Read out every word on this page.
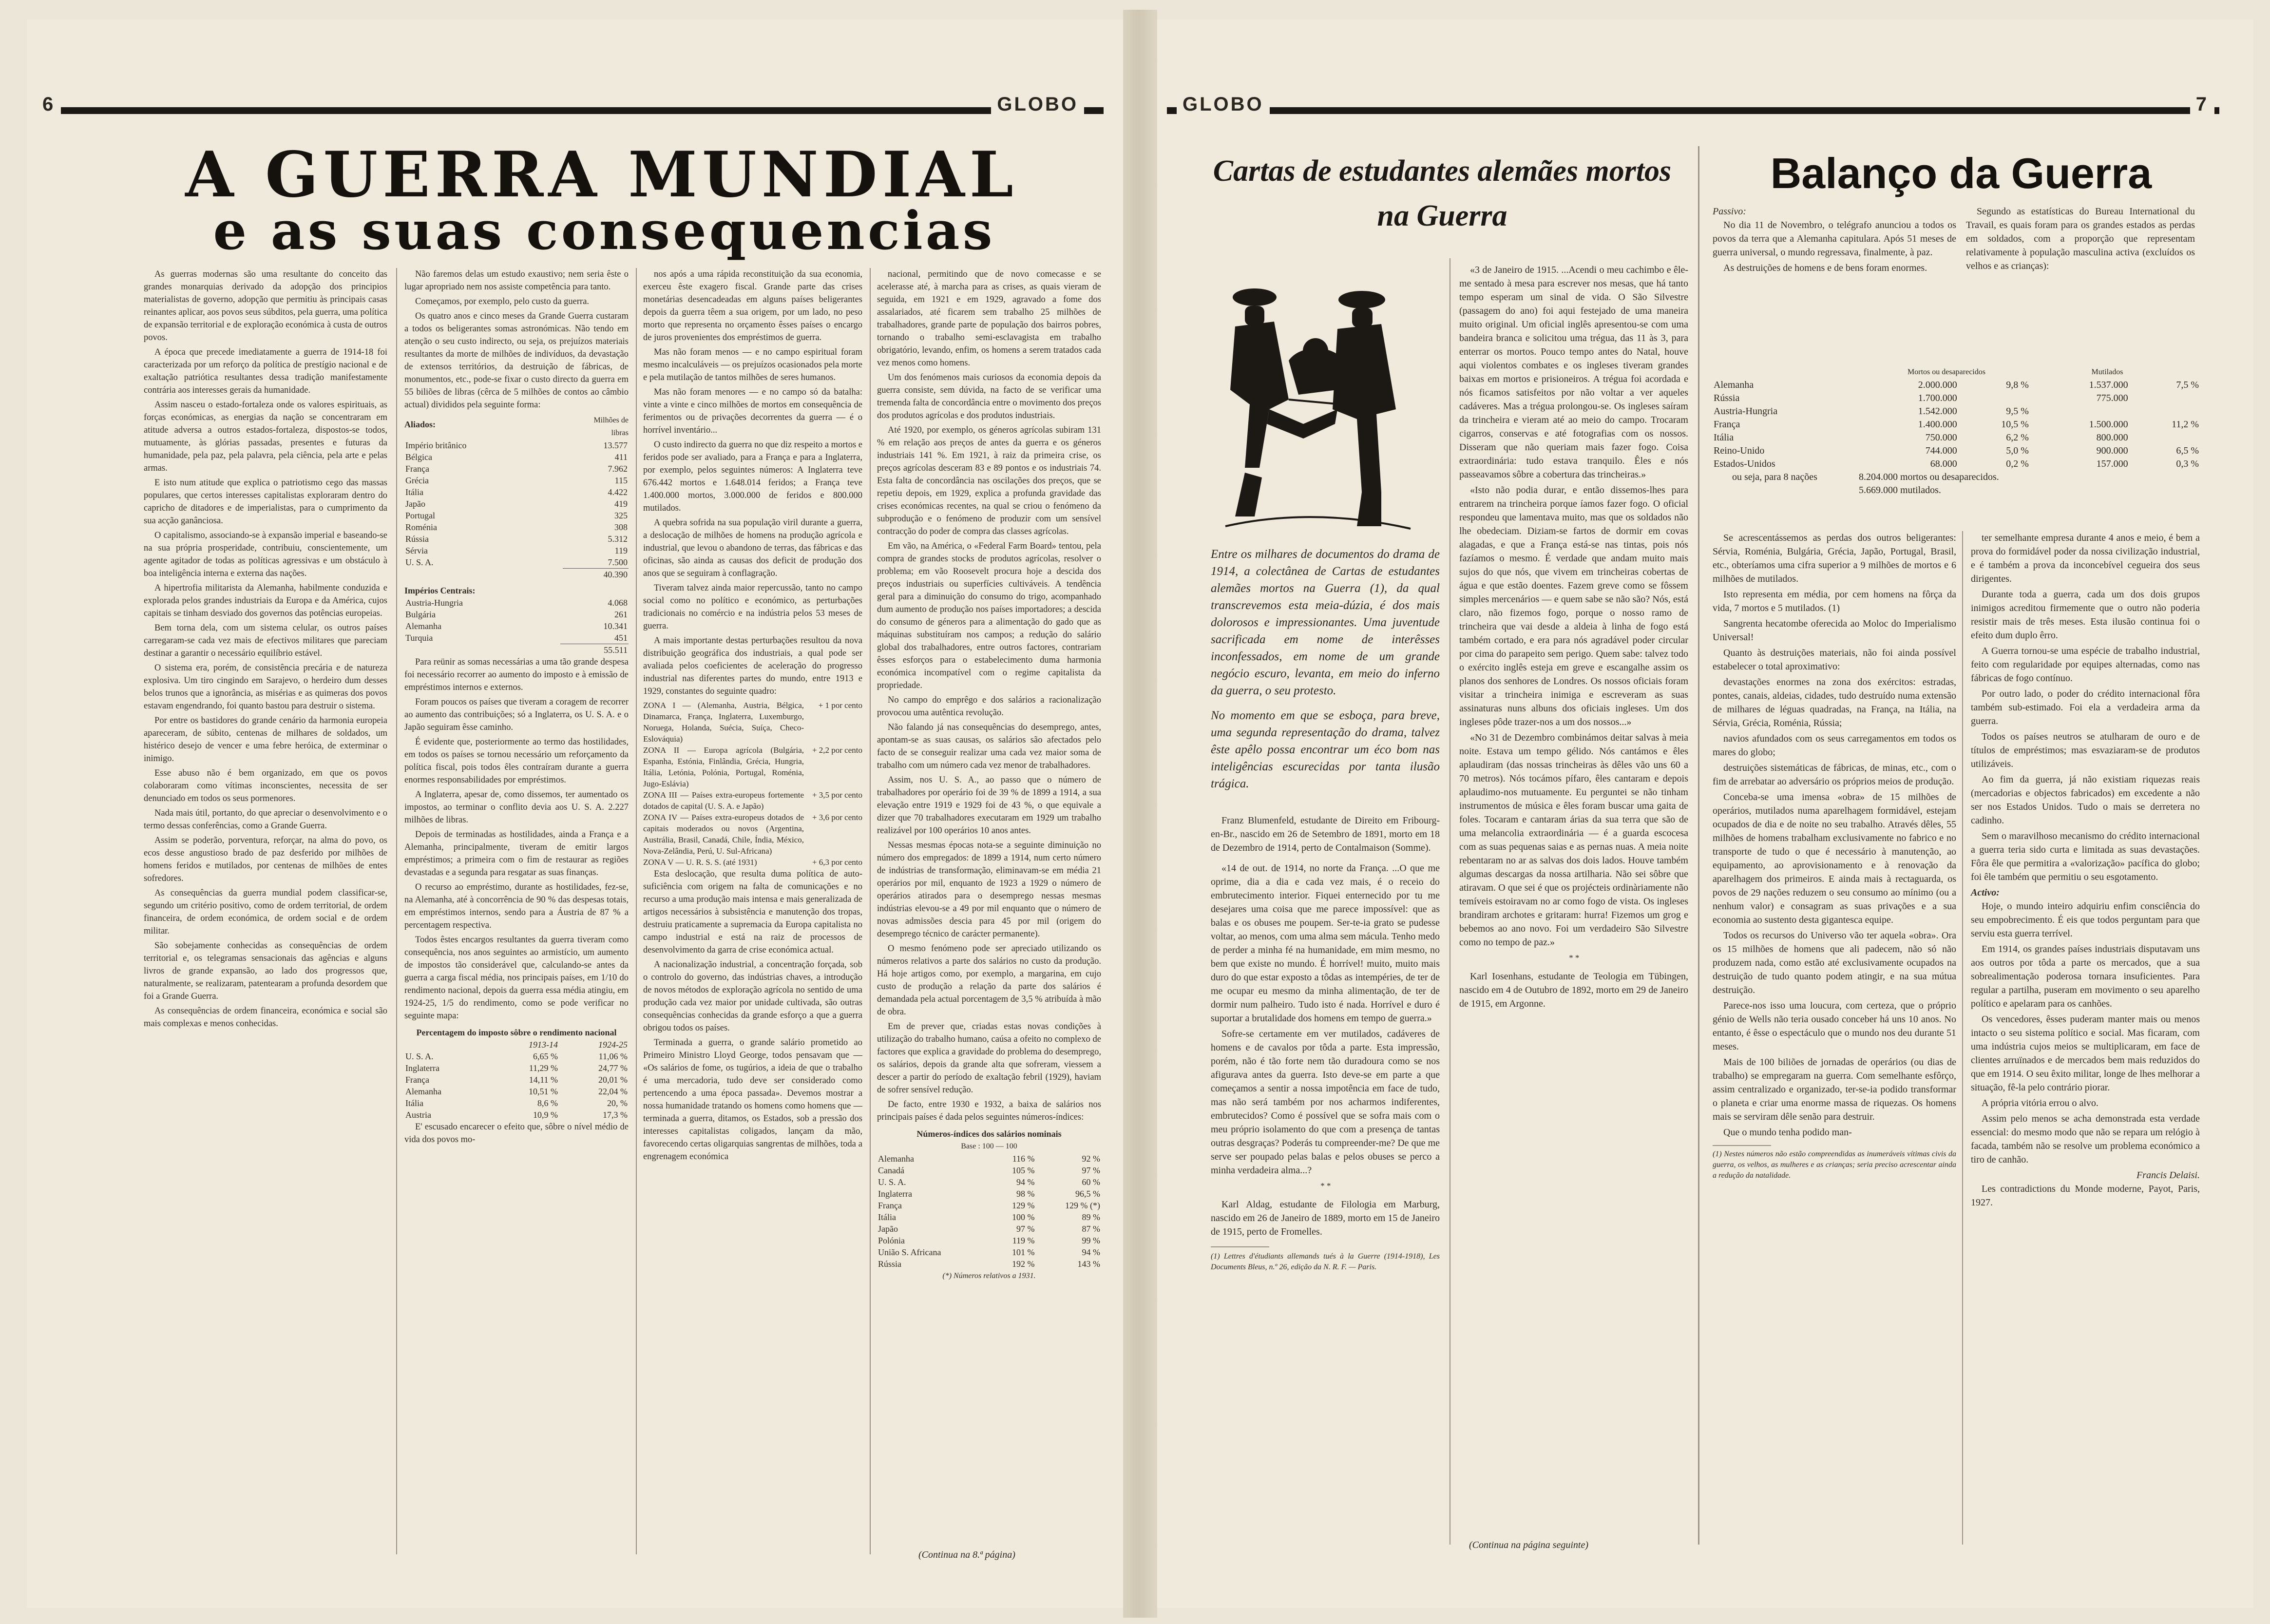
6	GLOBO
A GUERRA MUNDIAL
e as suas consequencias

As guerras modernas são uma resultante do conceito das grandes monarquias derivado da adopção dos principios materialistas de governo, adopção que permitiu às principais casas reinantes aplicar, aos povos seus súbditos, pela guerra, uma política de expansão territorial e de exploração económica à custa de outros povos.

A época que precede imediatamente a guerra de 1914-18 foi caracterizada por um reforço da política de prestígio nacional e de exaltação patriótica resultantes dessa tradição manifestamente contrária aos interesses gerais da humanidade.

Assim nasceu o estado-fortaleza onde os valores espirituais, as forças económicas, as energias da nação se concentraram em atitude adversa a outros estados-fortaleza, dispostos-se todos, mutuamente, às glórias passadas, presentes e futuras da humanidade, pela paz, pela palavra, pela ciência, pela arte e pelas armas.

E isto num atitude que explica o patriotismo cego das massas populares, que certos interesses capitalistas exploraram dentro do capricho de ditadores e de imperialistas, para o cumprimento da sua acção ganânciosa.

O capitalismo, associando-se à expansão imperial e baseando-se na sua própria prosperidade, contribuiu, conscientemente, um agente agitador de todas as políticas agressivas e um obstáculo à boa inteligência interna e externa das nações.

A hipertrofia militarista da Alemanha, habilmente conduzida e explorada pelos grandes industriais da Europa e da América, cujos capitais se tinham desviado dos governos das potências europeias.

Bem torna dela, com um sistema celular, os outros países carregaram-se cada vez mais de efectivos militares que pareciam destinar a garantir o necessário equilíbrio estável.

O sistema era, porém, de consistência precária e de natureza explosiva. Um tiro cingindo em Sarajevo, o herdeiro dum desses belos trunos que a ignorância, as misérias e as quimeras dos povos estavam engendrando, foi quanto bastou para destruir o sistema.

Por entre os bastidores do grande cenário da harmonia europeia apareceram, de súbito, centenas de milhares de soldados, um histérico desejo de vencer e uma febre heróica, de exterminar o inimigo.

Esse abuso não é bem organizado, em que os povos colaboraram como vítimas inconscientes, necessita de ser denunciado em todos os seus pormenores.

Nada mais útil, portanto, do que apreciar o desenvolvimento e o termo dessas conferências, como a Grande Guerra.

Assim se poderão, porventura, reforçar, na alma do povo, os ecos desse angustioso brado de paz desferido por milhões de homens feridos e mutilados, por centenas de milhões de entes sofredores.

As consequências da guerra mundial podem classificar-se, segundo um critério positivo, como de ordem territorial, de ordem financeira, de ordem económica, de ordem social e de ordem militar.

São sobejamente conhecidas as consequências de ordem territorial e, os telegramas sensacionais das agências e alguns livros de grande expansão, ao lado dos progressos que, naturalmente, se realizaram, patentearam a profunda desordem que foi a Grande Guerra.

As consequências de ordem financeira, económica e social são mais complexas e menos conhecidas.

Não faremos delas um estudo exaustivo; nem seria êste o lugar apropriado nem nos assiste competência para tanto.

Começamos, por exemplo, pelo custo da guerra.

Os quatro anos e cinco meses da Grande Guerra custaram a todos os beligerantes somas astronómicas. Não tendo em atenção o seu custo indirecto, ou seja, os prejuízos materiais resultantes da morte de milhões de indivíduos, da devastação de extensos territórios, da destruição de fábricas, de monumentos, etc., pode-se fixar o custo directo da guerra em 55 biliões de libras (cêrca de 5 milhões de contos ao câmbio actual) divididos pela seguinte forma:

Aliados:	Milhões de libras
Império britânico	13.577
Bélgica	411
França	7.962
Grécia	115
Itália	4.422
Japão	419
Portugal	325
Roménia	308
Rússia	5.312
Sérvia	119
U. S. A.	7.500
	40.390
Impérios Centrais:
Austria-Hungria	4.068
Bulgária	261
Alemanha	10.341
Turquia	451
	55.511

Para reünir as somas necessárias a uma tão grande despesa foi necessário recorrer ao aumento do imposto e à emissão de empréstimos internos e externos.

Foram poucos os países que tiveram a coragem de recorrer ao aumento das contribuições; só a Inglaterra, os U. S. A. e o Japão seguiram êsse caminho.

É evidente que, posteriormente ao termo das hostilidades, em todos os países se tornou necessário um reforçamento da política fiscal, pois todos êles contraíram durante a guerra enormes responsabilidades por empréstimos.

A Inglaterra, apesar de, como dissemos, ter aumentado os impostos, ao terminar o conflito devia aos U. S. A. 2.227 milhões de libras.

Depois de terminadas as hostilidades, ainda a França e a Alemanha, principalmente, tiveram de emitir largos empréstimos; a primeira com o fim de restaurar as regiões devastadas e a segunda para resgatar as suas finanças.

O recurso ao empréstimo, durante as hostilidades, fez-se, na Alemanha, até à concorrência de 90 % das despesas totais, em empréstimos internos, sendo para a Áustria de 87 % a percentagem respectiva.

Todos êstes encargos resultantes da guerra tiveram como consequência, nos anos seguintes ao armistício, um aumento de impostos tão considerável que, calculando-se antes da guerra a carga fiscal média, nos principais países, em 1/10 do rendimento nacional, depois da guerra essa média atingiu, em 1924-25, 1/5 do rendimento, como se pode verificar no seguinte mapa:

Percentagem do imposto sôbre o rendimento nacional
	1913-14	1924-25
U. S. A.	6,65 %	11,06 %
Inglaterra	11,29 %	24,77 %
França	14,11 %	20,01 %
Alemanha	10,51 %	22,04 %
Itália	8,6 %	20, %
Austria	10,9 %	17,3 %

E' escusado encarecer o efeito que, sôbre o nível médio de vida dos povos mo-

nos após a uma rápida reconstituição da sua economia, exerceu êste exagero fiscal. Grande parte das crises monetárias desencadeadas em alguns países beligerantes depois da guerra têem a sua origem, por um lado, no peso morto que representa no orçamento êsses países o encargo de juros provenientes dos empréstimos de guerra.

Mas não foram menos — e no campo espiritual foram mesmo incalculáveis — os prejuízos ocasionados pela morte e pela mutilação de tantos milhões de seres humanos.

Mas não foram menores — e no campo só da batalha: vinte a vinte e cinco milhões de mortos em consequência de ferimentos ou de privações decorrentes da guerra — é o horrível inventário...

O custo indirecto da guerra no que diz respeito a mortos e feridos pode ser avaliado, para a França e para a Inglaterra, por exemplo, pelos seguintes números: A Inglaterra teve 676.442 mortos e 1.648.014 feridos; a França teve 1.400.000 mortos, 3.000.000 de feridos e 800.000 mutilados.

A quebra sofrida na sua população viril durante a guerra, a deslocação de milhões de homens na produção agrícola e industrial, que levou o abandono de terras, das fábricas e das oficinas, são ainda as causas dos deficit de produção dos anos que se seguiram à conflagração.

Tiveram talvez ainda maior repercussão, tanto no campo social como no político e económico, as perturbações tradicionais no comércio e na indústria pelos 53 meses de guerra.

A mais importante destas perturbações resultou da nova distribuição geográfica dos industriais, a qual pode ser avaliada pelos coeficientes de aceleração do progresso industrial nas diferentes partes do mundo, entre 1913 e 1929, constantes do seguinte quadro:

ZONA I — (Alemanha, Austria, Bélgica, Dinamarca, França, Inglaterra, Luxemburgo, Noruega, Holanda, Suécia, Suíça, Checo-Eslováquia)
+ 1 por cento
ZONA II — Europa agrícola (Bulgária, Espanha, Estónia, Finlândia, Grécia, Hungria, Itália, Letónia, Polónia, Portugal, Roménia, Jugo-Eslávia)
+ 2,2 por cento
ZONA III — Países extra-europeus fortemente dotados de capital (U. S. A. e Japão)
+ 3,5 por cento
ZONA IV — Países extra-europeus dotados de capitais moderados ou novos (Argentina, Austrália, Brasil, Canadá, Chile, Índia, México, Nova-Zelândia, Perú, U. Sul-Africana)
+ 3,6 por cento
ZONA V — U. R. S. S. (até 1931)	+ 6,3 por cento

Esta deslocação, que resulta duma política de auto-suficiência com origem na falta de comunicações e no recurso a uma produção mais intensa e mais generalizada de artigos necessários à subsistência e manutenção dos tropas, destruiu praticamente a supremacia da Europa capitalista no campo industrial e está na raiz de processos de desenvolvimento da garra de crise económica actual.

A nacionalização industrial, a concentração forçada, sob o controlo do governo, das indústrias chaves, a introdução de novos métodos de exploração agrícola no sentido de uma produção cada vez maior por unidade cultivada, são outras consequências conhecidas da grande esforço a que a guerra obrigou todos os países.

Terminada a guerra, o grande salário prometido ao Primeiro Ministro Lloyd George, todos pensavam que — «Os salários de fome, os tugúrios, a ideia de que o trabalho é uma mercadoria, tudo deve ser considerado como pertencendo a uma época passada». Devemos mostrar a nossa humanidade tratando os homens como homens que — terminada a guerra, ditamos, os Estados, sob a pressão dos interesses capitalistas coligados, lançam da mão, favorecendo certas oligarquias sangrentas de milhões, toda a engrenagem económica

nacional, permitindo que de novo comecasse e se acelerasse até, à marcha para as crises, as quais vieram de seguida, em 1921 e em 1929, agravado a fome dos assalariados, até ficarem sem trabalho 25 milhões de trabalhadores, grande parte de população dos bairros pobres, tornando o trabalho semi-esclavagista em trabalho obrigatório, levando, enfim, os homens a serem tratados cada vez menos como homens.

Um dos fenómenos mais curiosos da economia depois da guerra consiste, sem dúvida, na facto de se verificar uma tremenda falta de concordância entre o movimento dos preços dos produtos agrícolas e dos produtos industriais.

Até 1920, por exemplo, os géneros agrícolas subiram 131 % em relação aos preços de antes da guerra e os géneros industriais 141 %. Em 1921, à raiz da primeira crise, os preços agrícolas desceram 83 e 89 pontos e os industriais 74. Esta falta de concordância nas oscilações dos preços, que se repetiu depois, em 1929, explica a profunda gravidade das crises económicas recentes, na qual se criou o fenómeno da subprodução e o fenómeno de produzir com um sensível contracção do poder de compra das classes agrícolas.

Em vão, na América, o «Federal Farm Board» tentou, pela compra de grandes stocks de produtos agrícolas, resolver o problema; em vão Roosevelt procura hoje a descida dos preços industriais ou superfícies cultiváveis. A tendência geral para a diminuição do consumo do trigo, acompanhado dum aumento de produção nos países importadores; a descida do consumo de géneros para a alimentação do gado que as máquinas substituíram nos campos; a redução do salário global dos trabalhadores, entre outros factores, contrariam êsses esforços para o estabelecimento duma harmonia económica incompatível com o regime capitalista da propriedade.

No campo do emprêgo e dos salários a racionalização provocou uma autêntica revolução.

Não falando já nas consequências do desemprego, antes, apontam-se as suas causas, os salários são afectados pelo facto de se conseguir realizar uma cada vez maior soma de trabalho com um número cada vez menor de trabalhadores.

Assim, nos U. S. A., ao passo que o número de trabalhadores por operário foi de 39 % de 1899 a 1914, a sua elevação entre 1919 e 1929 foi de 43 %, o que equivale a dizer que 70 trabalhadores executaram em 1929 um trabalho realizável por 100 operários 10 anos antes.

Nessas mesmas épocas nota-se a seguinte diminuição no número dos empregados: de 1899 a 1914, num certo número de indústrias de transformação, eliminavam-se em média 21 operários por mil, enquanto de 1923 a 1929 o número de operários atirados para o desemprego nessas mesmas indústrias elevou-se a 49 por mil enquanto que o número de novas admissões descia para 45 por mil (origem do desemprego técnico de carácter permanente).

O mesmo fenómeno pode ser apreciado utilizando os números relativos a parte dos salários no custo da produção. Há hoje artigos como, por exemplo, a margarina, em cujo custo de produção a relação da parte dos salários é demandada pela actual porcentagem de 3,5 % atribuída à mão de obra.

Em de prever que, criadas estas novas condições à utilização do trabalho humano, caúsa a ofeito no complexo de factores que explica a gravidade do problema do desemprego, os salários, depois da grande alta que sofreram, viessem a descer a partir do período de exaltação febril (1929), haviam de sofrer sensível redução.

De facto, entre 1930 e 1932, a baixa de salários nos principais países é dada pelos seguintes números-índices:

Números-índices dos salários nominais
Base : 100 — 100
Alemanha	116 %	92 %
Canadá	105 %	97 %
U. S. A.	94 %	60 %
Inglaterra	98 %	96,5 %
França	129 %	129 % (*)
Itália	100 %	89 %
Japão	97 %	87 %
Polónia	119 %	99 %
União S. Africana	101 %	94 %
Rússia	192 %	143 %
(*) Números relativos a 1931.
(Continua na 8.ª página)
GLOBO	7
Cartas de estudantes alemães mortos na Guerra

Entre os milhares de documentos do drama de 1914, a colectânea de Cartas de estudantes alemães mortos na Guerra (1), da qual transcrevemos esta meia-dúzia, é dos mais dolorosos e impressionantes. Uma juventude sacrificada em nome de interêsses inconfessados, em nome de um grande negócio escuro, levanta, em meio do inferno da guerra, o seu protesto.

No momento em que se esboça, para breve, uma segunda representação do drama, talvez êste apêlo possa encontrar um éco bom nas inteligências escurecidas por tanta ilusão trágica.

Franz Blumenfeld, estudante de Direito em Fribourg-en-Br., nascido em 26 de Setembro de 1891, morto em 18 de Dezembro de 1914, perto de Contalmaison (Somme).

«14 de out. de 1914, no norte da França. ...O que me oprime, dia a dia e cada vez mais, é o receio do embrutecimento interior. Fiquei enternecido por tu me desejares uma coisa que me parece impossível: que as balas e os obuses me poupem. Ser-te-ia grato se pudesse voltar, ao menos, com uma alma sem mácula. Tenho medo de perder a minha fé na humanidade, em mim mesmo, no bem que existe no mundo. É horrível! muito, muito mais duro do que estar exposto a tôdas as intempéries, de ter de me ocupar eu mesmo da minha alimentação, de ter de dormir num palheiro. Tudo isto é nada. Horrível e duro é suportar a brutalidade dos homens em tempo de guerra.»

Sofre-se certamente em ver mutilados, cadáveres de homens e de cavalos por tôda a parte. Esta impressão, porém, não é tão forte nem tão duradoura como se nos afigurava antes da guerra. Isto deve-se em parte a que começamos a sentir a nossa impotência em face de tudo, mas não será também por nos acharmos indiferentes, embrutecidos? Como é possível que se sofra mais com o meu próprio isolamento do que com a presença de tantas outras desgraças? Poderás tu compreender-me? De que me serve ser poupado pelas balas e pelos obuses se perco a minha verdadeira alma...?

* *

Karl Aldag, estudante de Filologia em Marburg, nascido em 26 de Janeiro de 1889, morto em 15 de Janeiro de 1915, perto de Fromelles.

(1) Lettres d'étudiants allemands tués à la Guerre (1914-1918), Les Documents Bleus, n.º 26, edição da N. R. F. — Paris.

«3 de Janeiro de 1915. ...Acendi o meu cachimbo e êle-me sentado à mesa para escrever nos mesas, que há tanto tempo esperam um sinal de vida. O São Silvestre (passagem do ano) foi aqui festejado de uma maneira muito original. Um oficial inglês apresentou-se com uma bandeira branca e solicitou uma trégua, das 11 às 3, para enterrar os mortos. Pouco tempo antes do Natal, houve aqui violentos combates e os ingleses tiveram grandes baixas em mortos e prisioneiros. A trégua foi acordada e nós ficamos satisfeitos por não voltar a ver aqueles cadáveres. Mas a trégua prolongou-se. Os ingleses saíram da trincheira e vieram até ao meio do campo. Trocaram cigarros, conservas e até fotografias com os nossos. Disseram que não queriam mais fazer fogo. Coisa extraordinária: tudo estava tranquilo. Êles e nós passeavamos sôbre a cobertura das trincheiras.»

«Isto não podia durar, e então dissemos-lhes para entrarem na trincheira porque íamos fazer fogo. O oficial respondeu que lamentava muito, mas que os soldados não lhe obedeciam. Diziam-se fartos de dormir em covas alagadas, e que a França está-se nas tintas, pois nós fazíamos o mesmo. É verdade que andam muito mais sujos do que nós, que vivem em trincheiras cobertas de água e que estão doentes. Fazem greve como se fôssem simples mercenários — e quem sabe se não são? Nós, está claro, não fizemos fogo, porque o nosso ramo de trincheira que vai desde a aldeia à linha de fogo está também cortado, e era para nós agradável poder circular por cima do parapeito sem perigo. Quem sabe: talvez todo o exército inglês esteja em greve e escangalhe assim os planos dos senhores de Londres. Os nossos oficiais foram visitar a trincheira inimiga e escreveram as suas assinaturas nuns albuns dos oficiais ingleses. Um dos ingleses pôde trazer-nos a um dos nossos...»

«No 31 de Dezembro combinámos deitar salvas à meia noite. Estava um tempo gélido. Nós cantámos e êles aplaudiram (das nossas trincheiras às dêles vão uns 60 a 70 metros). Nós tocámos pífaro, êles cantaram e depois aplaudimo-nos mutuamente. Eu perguntei se não tinham instrumentos de música e êles foram buscar uma gaita de foles. Tocaram e cantaram árias da sua terra que são de uma melancolia extraordinária — é a guarda escocesa com as suas pequenas saias e as pernas nuas. A meia noite rebentaram no ar as salvas dos dois lados. Houve também algumas descargas da nossa artilharia. Não sei sôbre que atiravam. O que sei é que os projécteis ordinàriamente não temíveis estoiravam no ar como fogo de vista. Os ingleses brandiram archotes e gritaram: hurra! Fizemos um grog e bebemos ao ano novo. Foi um verdadeiro São Silvestre como no tempo de paz.»

* *

Karl Iosenhans, estudante de Teologia em Tübingen, nascido em 4 de Outubro de 1892, morto em 29 de Janeiro de 1915, em Argonne.

(Continua na página seguinte)
Balanço da Guerra
Passivo:

No dia 11 de Novembro, o telégrafo anunciou a todos os povos da terra que a Alemanha capitulara. Após 51 meses de guerra universal, o mundo regressava, finalmente, à paz.

As destruições de homens e de bens foram enormes.

Segundo as estatísticas do Bureau International du Travail, es quais foram para os grandes estados as perdas em soldados, com a proporção que representam relativamente à população masculina activa (excluídos os velhos e as crianças):

Mortos ou desaparecidos	Mutilados
Alemanha	2.000.000	9,8 %	1.537.000	7,5 %
Rússia	1.700.000		775.000	
Austria-Hungria	1.542.000	9,5 %		
França	1.400.000	10,5 %	1.500.000	11,2 %
Itália	750.000	6,2 %	800.000	
Reino-Unido	744.000	5,0 %	900.000	6,5 %
Estados-Unidos	68.000	0,2 %	157.000	0,3 %
ou seja, para 8 nações	8.204.000 mortos ou desaparecidos.
5.669.000 mutilados.

Se acrescentássemos as perdas dos outros beligerantes: Sérvia, Roménia, Bulgária, Grécia, Japão, Portugal, Brasil, etc., obteríamos uma cifra superior a 9 milhões de mortos e 6 milhões de mutilados.

Isto representa em média, por cem homens na fôrça da vida, 7 mortos e 5 mutilados. (1)

Sangrenta hecatombe oferecida ao Moloc do Imperialismo Universal!

Quanto às destruições materiais, não foi ainda possível estabelecer o total aproximativo:

devastações enormes na zona dos exércitos: estradas, pontes, canais, aldeias, cidades, tudo destruído numa extensão de milhares de léguas quadradas, na França, na Itália, na Sérvia, Grécia, Roménia, Rússia;

navios afundados com os seus carregamentos em todos os mares do globo;

destruições sistemáticas de fábricas, de minas, etc., com o fim de arrebatar ao adversário os próprios meios de produção.

Conceba-se uma imensa «obra» de 15 milhões de operários, mutilados numa aparelhagem formidável, estejam ocupados de dia e de noite no seu trabalho. Através dêles, 55 milhões de homens trabalham exclusivamente no fabrico e no transporte de tudo o que é necessário à manutenção, ao equipamento, ao aprovisionamento e à renovação da aparelhagem dos primeiros. E ainda mais à rectaguarda, os povos de 29 nações reduzem o seu consumo ao mínimo (ou a nenhum valor) e consagram as suas privações e a sua economia ao sustento desta gigantesca equipe.

Todos os recursos do Universo vão ter aquela «obra». Ora os 15 milhões de homens que ali padecem, não só não produzem nada, como estão até exclusivamente ocupados na destruição de tudo quanto podem atingir, e na sua mútua destruição.

Parece-nos isso uma loucura, com certeza, que o próprio génio de Wells não teria ousado conceber há uns 10 anos. No entanto, é êsse o espectáculo que o mundo nos deu durante 51 meses.

Mais de 100 biliões de jornadas de operários (ou dias de trabalho) se empregaram na guerra. Com semelhante esfôrço, assim centralizado e organizado, ter-se-ia podido transformar o planeta e criar uma enorme massa de riquezas. Os homens mais se serviram dêle senão para destruir.

Que o mundo tenha podido man-

(1) Nestes números não estão compreendidas as inumeráveis vítimas civis da guerra, os velhos, as mulheres e as crianças; seria preciso acrescentar ainda a redução da natalidade.

ter semelhante empresa durante 4 anos e meio, é bem a prova do formidável poder da nossa civilização industrial, e é também a prova da inconcebível cegueira dos seus dirigentes.

Durante toda a guerra, cada um dos dois grupos inimigos acreditou firmemente que o outro não poderia resistir mais de três meses. Esta ilusão continua foi o efeito dum duplo êrro.

A Guerra tornou-se uma espécie de trabalho industrial, feito com regularidade por equipes alternadas, como nas fábricas de fogo contínuo.

Por outro lado, o poder do crédito internacional fôra também sub-estimado. Foi ela a verdadeira arma da guerra.

Todos os países neutros se atulharam de ouro e de títulos de empréstimos; mas esvaziaram-se de produtos utilizáveis.

Ao fim da guerra, já não existiam riquezas reais (mercadorias e objectos fabricados) em excedente a não ser nos Estados Unidos. Tudo o mais se derretera no cadinho.

Sem o maravilhoso mecanismo do crédito internacional a guerra teria sido curta e limitada as suas devastações. Fôra êle que permitira a «valorização» pacífica do globo; foi êle também que permitiu o seu esgotamento.

Activo:

Hoje, o mundo inteiro adquiriu enfim consciência do seu empobrecimento. É eis que todos perguntam para que serviu esta guerra terrível.

Em 1914, os grandes países industriais disputavam uns aos outros por tôda a parte os mercados, que a sua sobrealimentação poderosa tornara insuficientes. Para regular a partilha, puseram em movimento o seu aparelho político e apelaram para os canhões.

Os vencedores, êsses puderam manter mais ou menos intacto o seu sistema político e social. Mas ficaram, com uma indústria cujos meios se multiplicaram, em face de clientes arruïnados e de mercados bem mais reduzidos do que em 1914. O seu êxito militar, longe de lhes melhorar a situação, fê-la pelo contrário piorar.

A própria vitória errou o alvo.

Assim pelo menos se acha demonstrada esta verdade essencial: do mesmo modo que não se repara um relógio à facada, também não se resolve um problema económico a tiro de canhão.

Francis Delaisi.

Les contradictions du Monde moderne, Payot, Paris, 1927.
